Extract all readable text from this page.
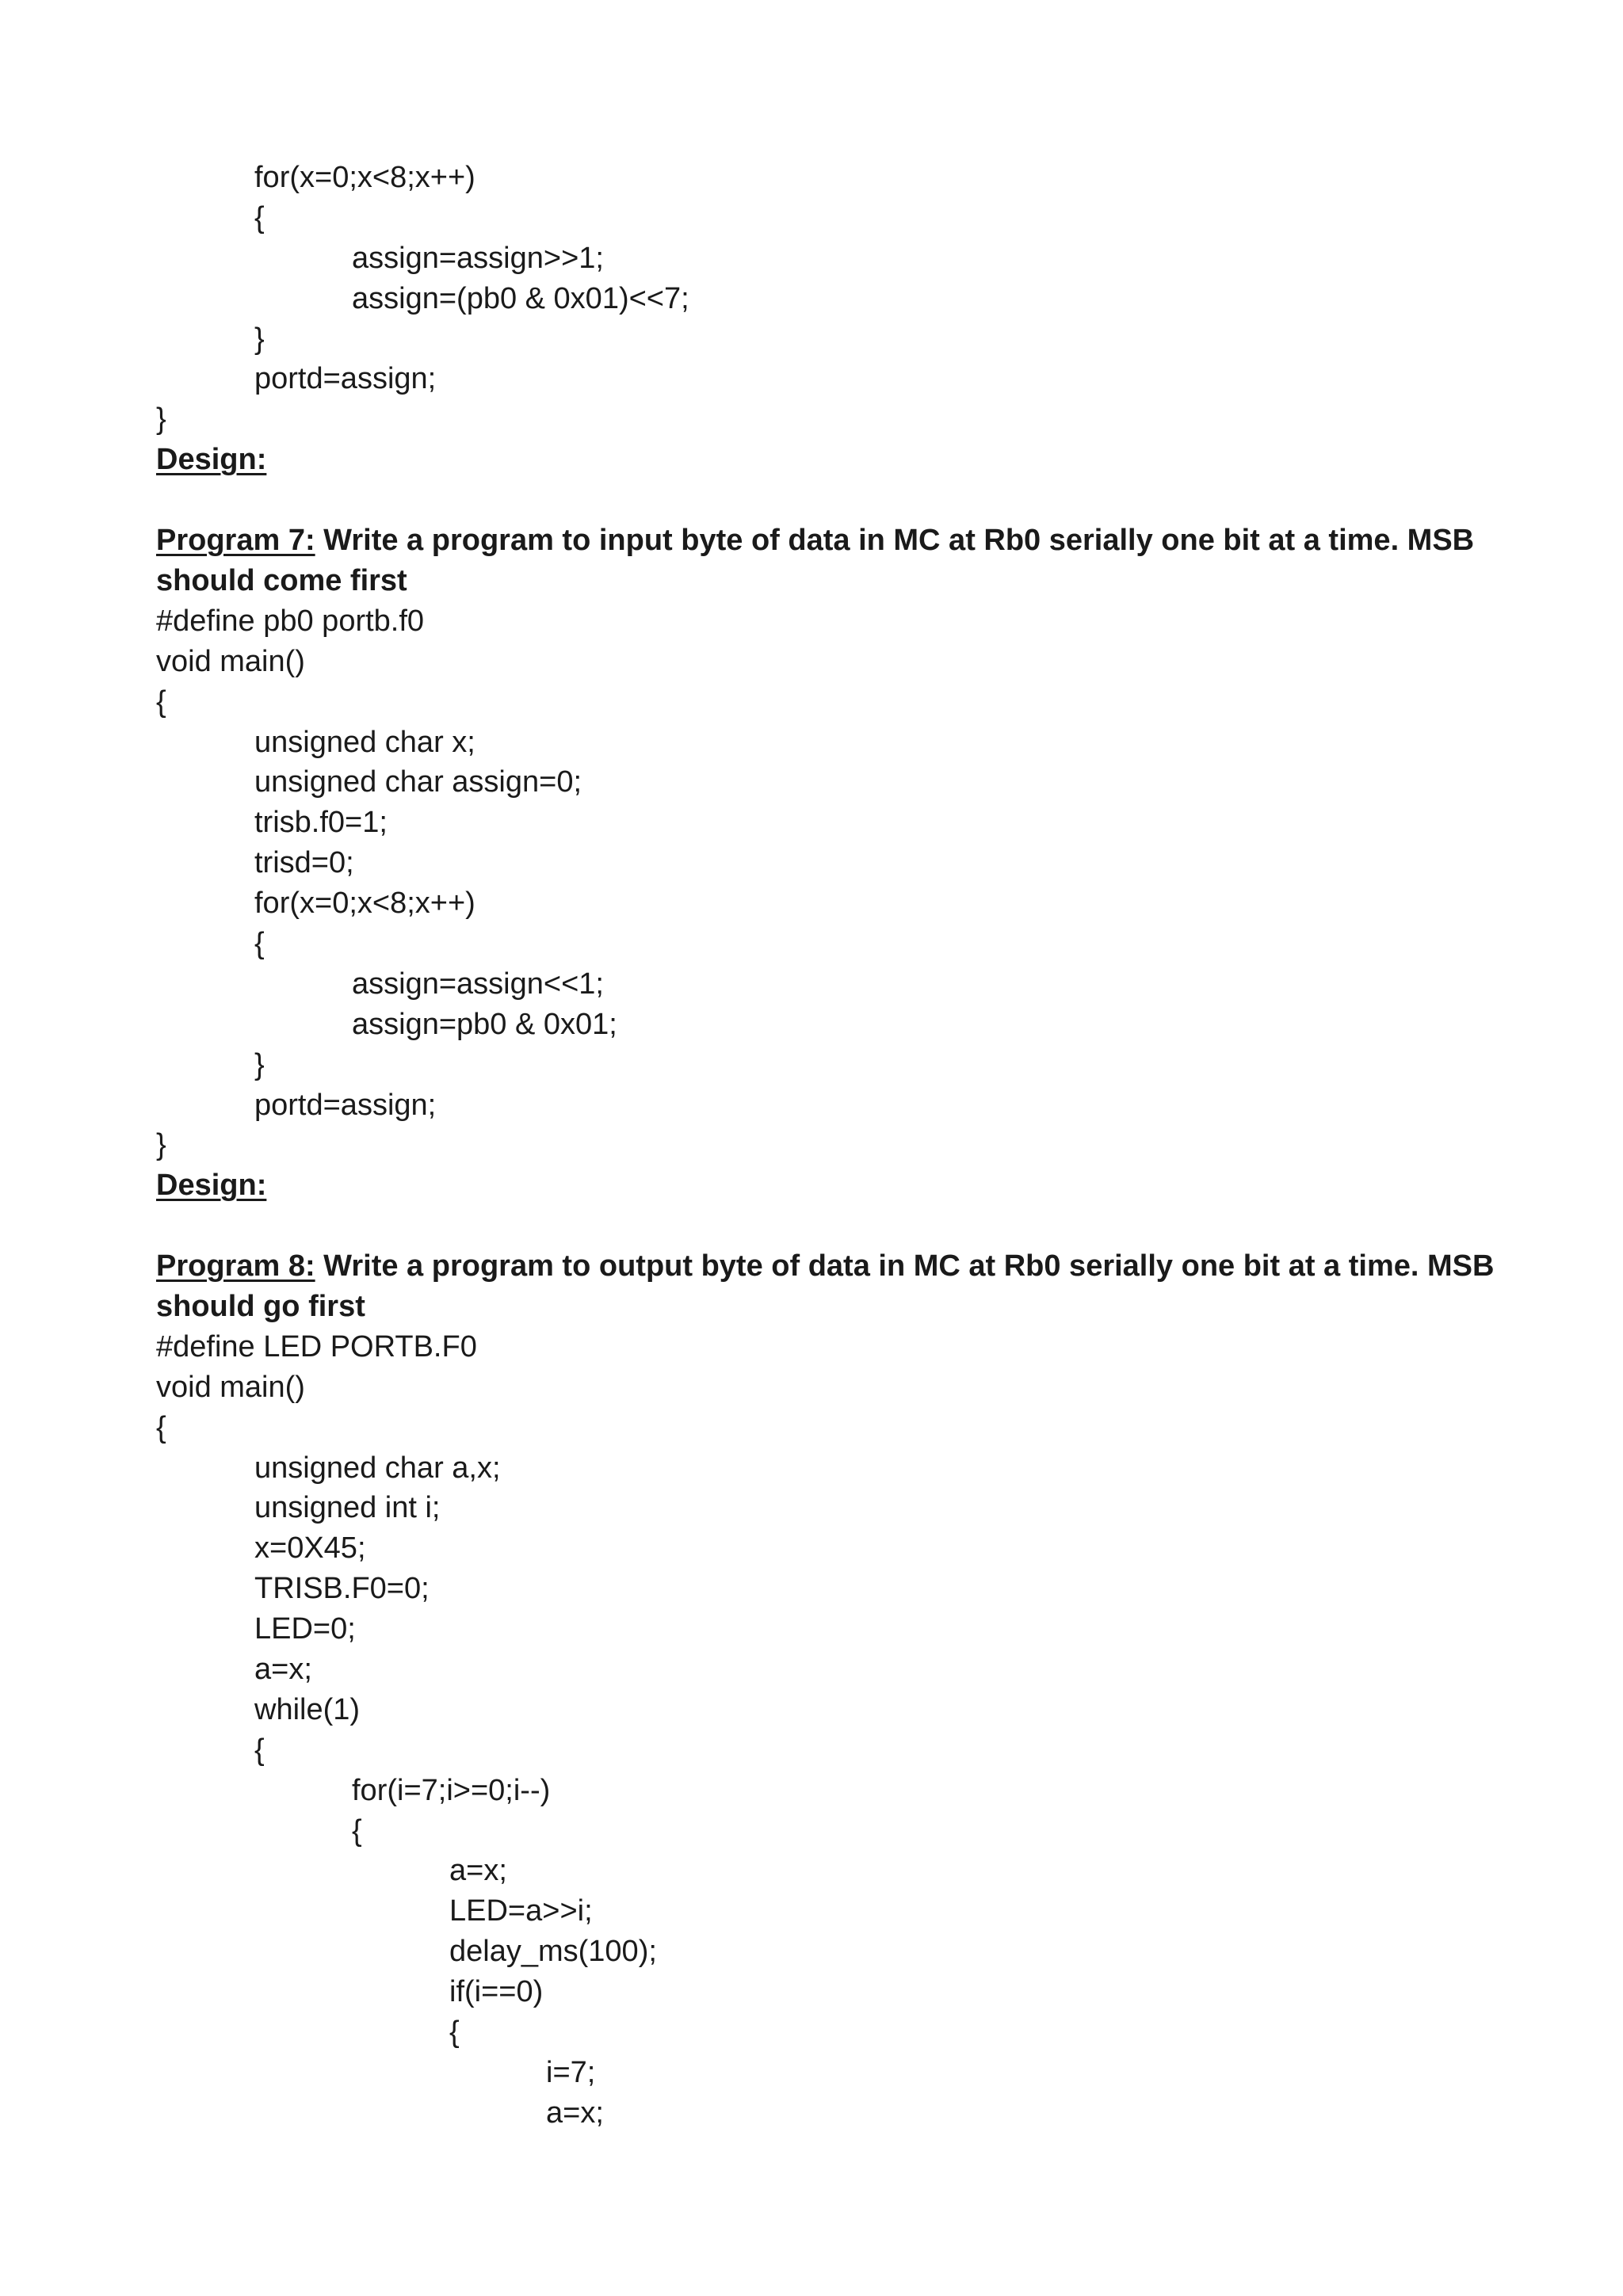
for(x=0;x<8;x++)
{
assign=assign>>1;
assign=(pb0 & 0x01)<<7;
}
portd=assign;
}
Design:
Program 7: Write a program to input byte of data in MC at Rb0 serially one bit at a time. MSB should come first
#define pb0 portb.f0
void main()
{
unsigned char x;
unsigned char assign=0;
trisb.f0=1;
trisd=0;
for(x=0;x<8;x++)
{
assign=assign<<1;
assign=pb0 & 0x01;
}
portd=assign;
}
Design:
Program 8: Write a program to output byte of data in MC at Rb0 serially one bit at a time. MSB should go first
#define LED PORTB.F0
void main()
{
unsigned char a,x;
unsigned int i;
x=0X45;
TRISB.F0=0;
LED=0;
a=x;
while(1)
{
for(i=7;i>=0;i--)
{
a=x;
LED=a>>i;
delay_ms(100);
if(i==0)
{
i=7;
a=x;
